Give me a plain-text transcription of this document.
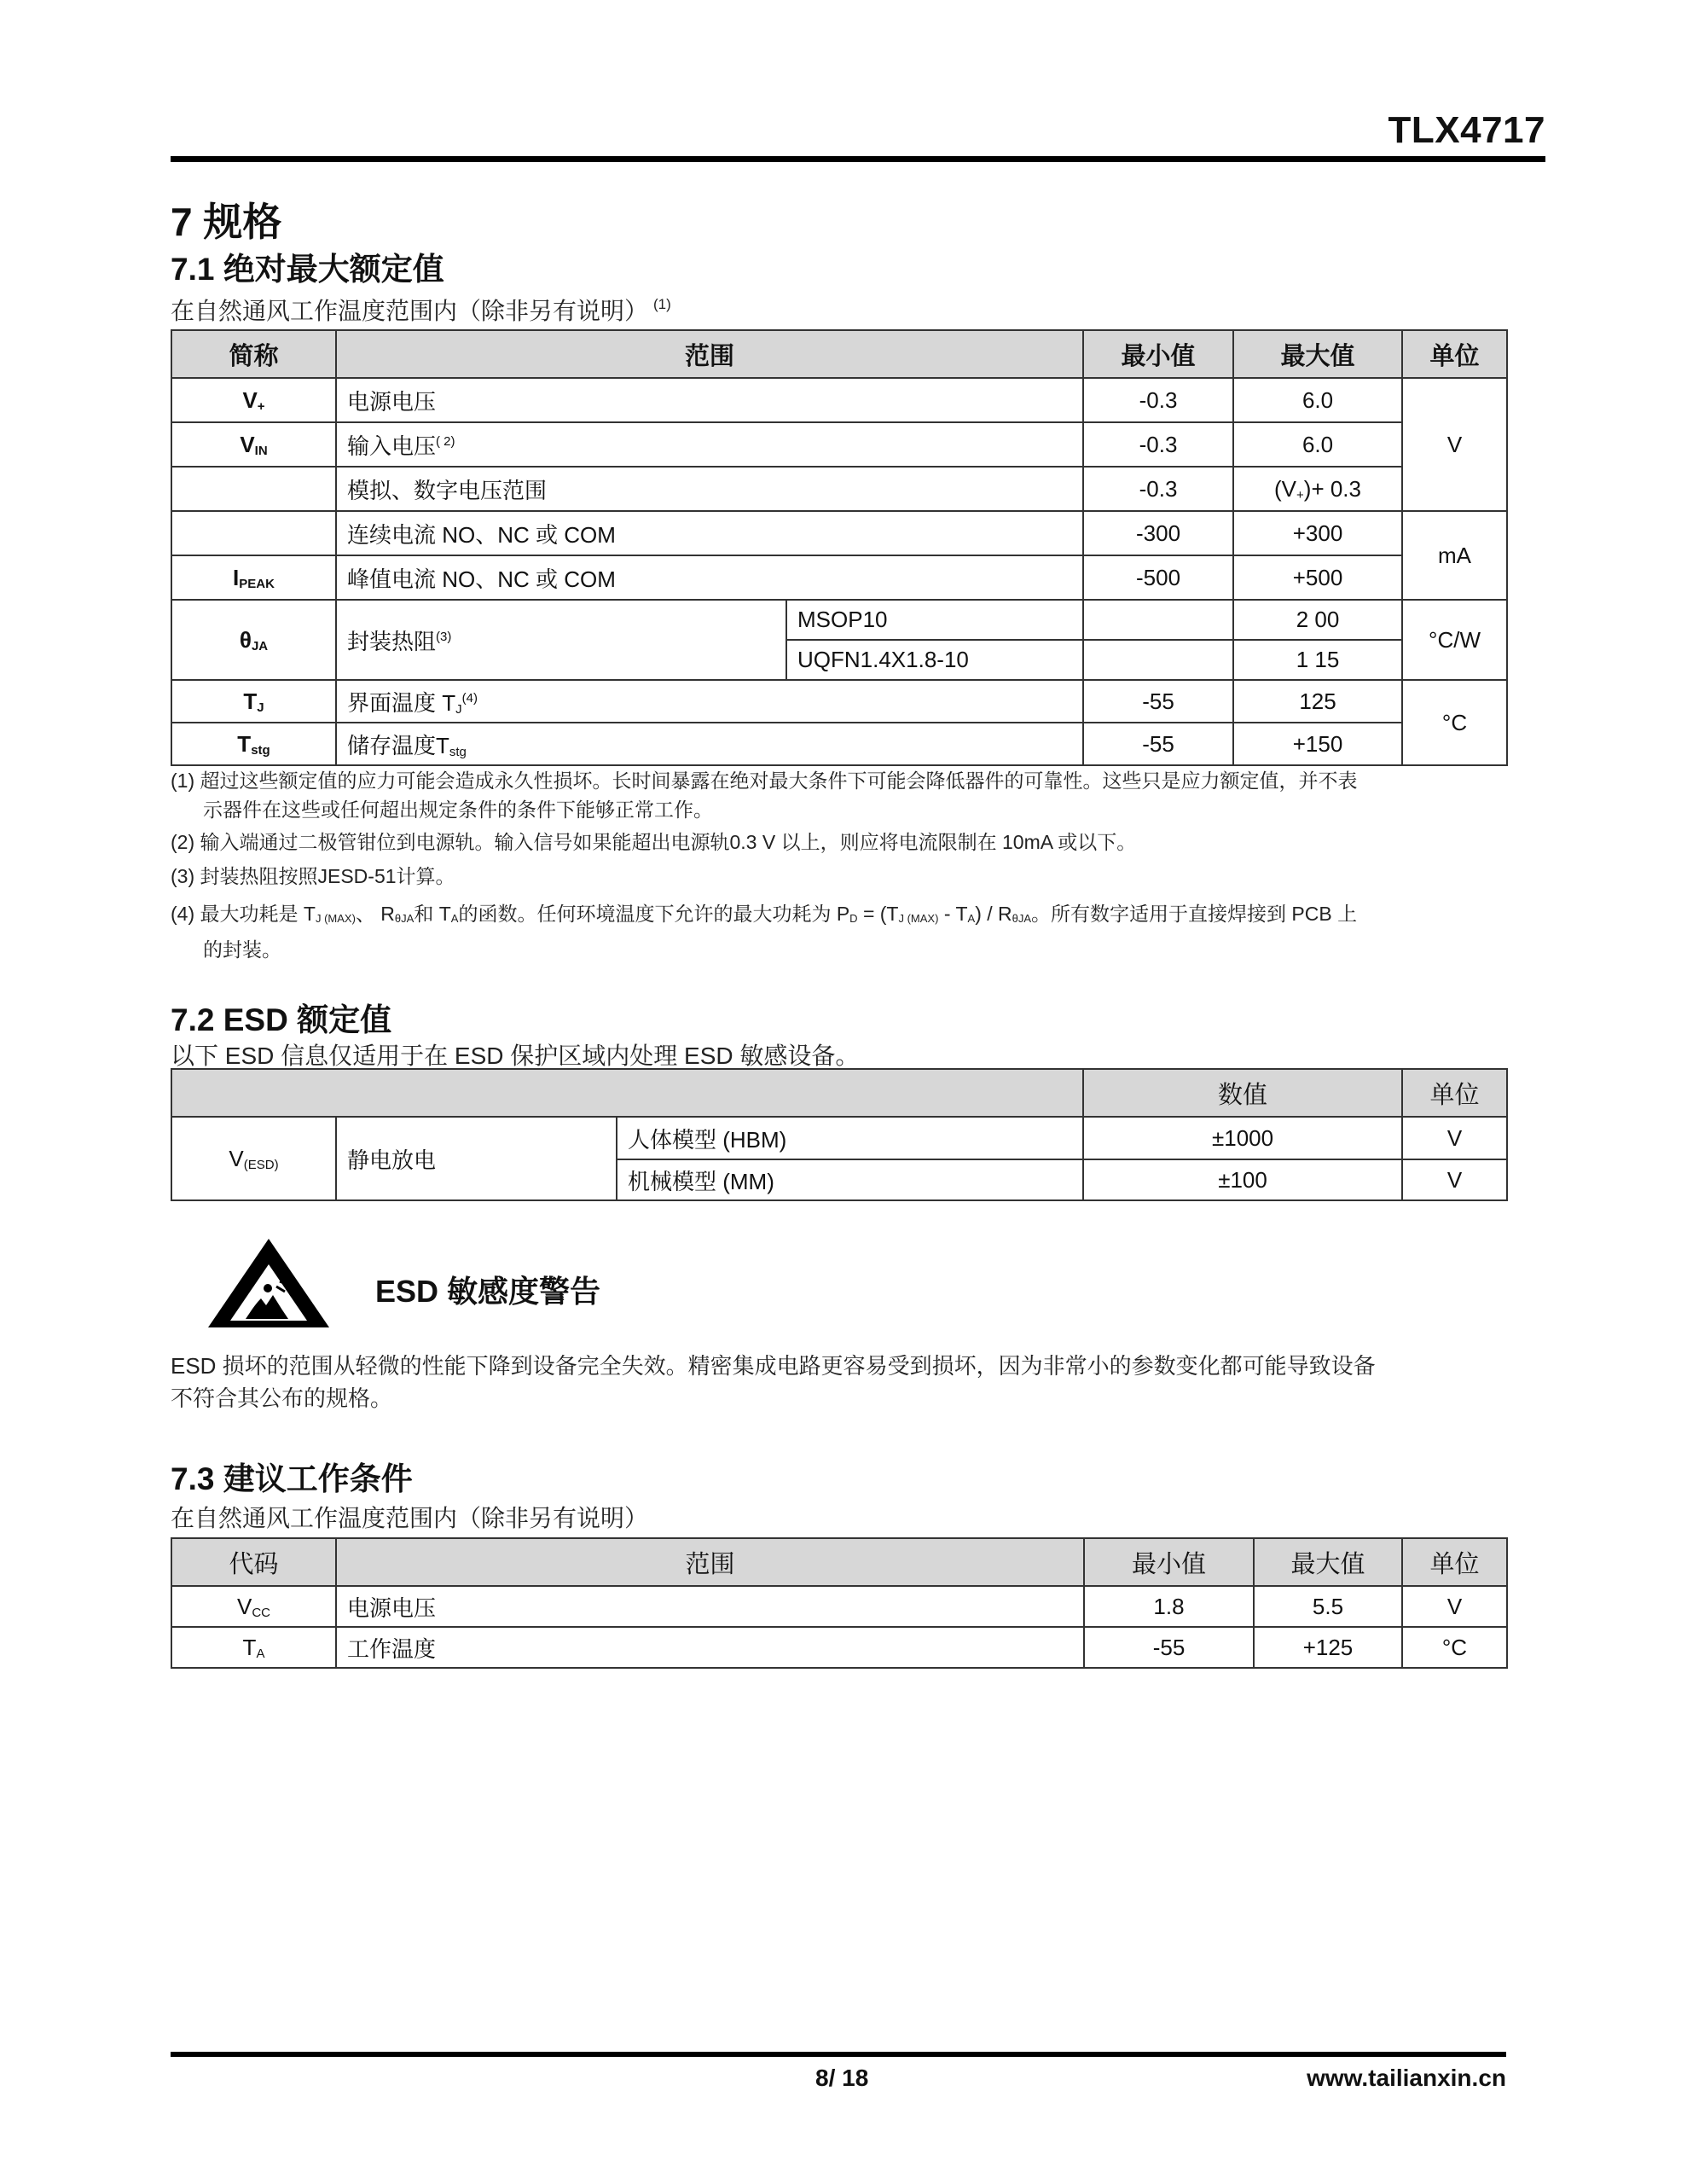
TLX4717
7 规格
7.1 绝对最大额定值
在自然通风工作温度范围内（除非另有说明） $^{(1)}$
简称	范围		最小值	最大值	单位
$V_+$	电源电压		-0.3	6.0	V
$V_{IN}$	输入电压$^{( 2)}$		-0.3	6.0	
	模拟、数字电压范围		-0.3	$(V_+)+ 0.3$	
	连续电流 NO、NC 或 COM		-300	+300	mA
$I_{PEAK}$	峰值电流 NO、NC 或 COM		-500	+500	
$\theta_{JA}$	封装热阻$^{(3)}$	MSOP10		2 00	°C/W
		UQFN1.4X1.8-10		1 15	
$T_J$	界面温度 $T_J^{(4)}$		-55	125	°C
$T_{stg}$	储存温度$T_{stg}$		-55	+150	
(1) 超过这些额定值的应力可能会造成永久性损坏。长时间暴露在绝对最大条件下可能会降低器件的可靠性。这些只是应力额定值，并不表
示器件在这些或任何超出规定条件的条件下能够正常工作。
(2) 输入端通过二极管钳位到电源轨。输入信号如果能超出电源轨0.3 V 以上，则应将电流限制在 10mA 或以下。
(3) 封装热阻按照JESD-51计算。
(4) 最大功耗是 $T_{J (MAX)}$、 $R_{\theta JA}$和 $T_A$的函数。任何环境温度下允许的最大功耗为 $P_D = (T_{J (MAX)} - T_A) / R_{\theta JA}$。所有数字适用于直接焊接到 PCB 上
的封装。
7.2 ESD 额定值
以下 ESD 信息仅适用于在 ESD 保护区域内处理 ESD 敏感设备。
			数值	单位
$V_{(ESD)}$	静电放电	人体模型 (HBM)	±1000	V
		机械模型 (MM)	±100	V
ESD 敏感度警告
ESD 损坏的范围从轻微的性能下降到设备完全失效。精密集成电路更容易受到损坏，因为非常小的参数变化都可能导致设备
不符合其公布的规格。
7.3 建议工作条件
在自然通风工作温度范围内（除非另有说明）
代码	范围	最小值	最大值	单位
$V_{CC}$	电源电压	1.8	5.5	V
$T_A$	工作温度	-55	+125	°C
8/ 18	www.tailianxin.cn
